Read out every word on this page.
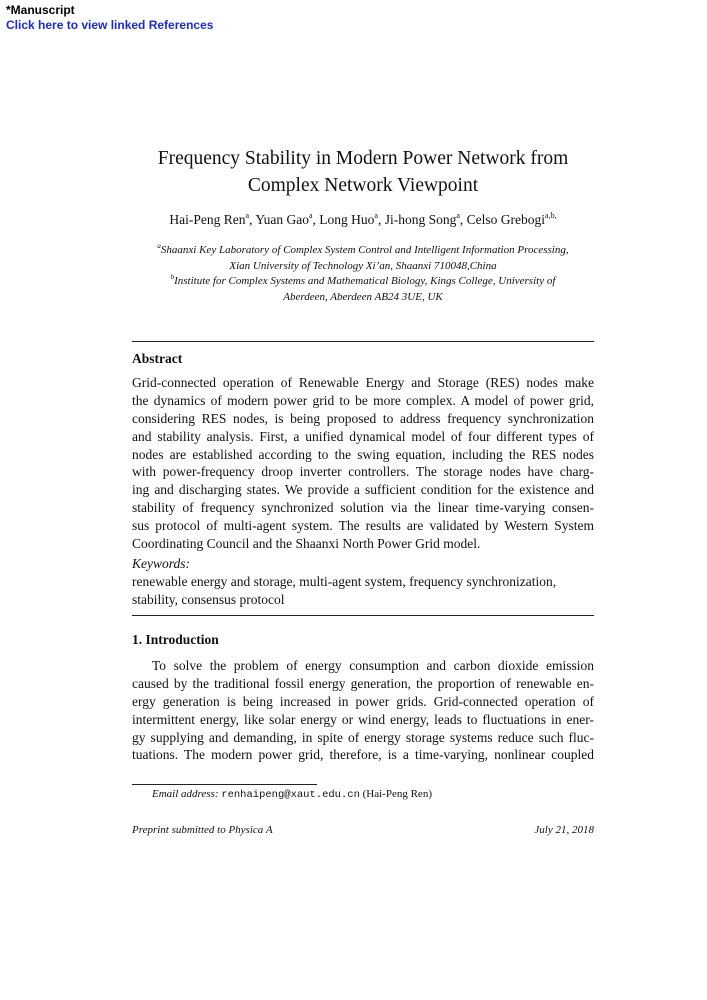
*Manuscript
Click here to view linked References
Frequency Stability in Modern Power Network from
Complex Network Viewpoint
Hai-Peng Ren$^a$, Yuan Gao$^a$, Long Huo$^a$, Ji-hong Song$^a$, Celso Grebogi$^{a,b,}$
$^a$Shaanxi Key Laboratory of Complex System Control and Intelligent Information Processing,
Xian University of Technology Xi’an, Shaanxi 710048,China
$^b$Institute for Complex Systems and Mathematical Biology, Kings College, University of
Aberdeen, Aberdeen AB24 3UE, UK
Abstract
Grid-connected operation of Renewable Energy and Storage (RES) nodes make
the dynamics of modern power grid to be more complex. A model of power grid,
considering RES nodes, is being proposed to address frequency synchronization
and stability analysis. First, a unified dynamical model of four different types of
nodes are established according to the swing equation, including the RES nodes
with power-frequency droop inverter controllers. The storage nodes have charg-
ing and discharging states. We provide a sufficient condition for the existence and
stability of frequency synchronized solution via the linear time-varying consen-
sus protocol of multi-agent system. The results are validated by Western System
Coordinating Council and the Shaanxi North Power Grid model.
Keywords:
renewable energy and storage, multi-agent system, frequency synchronization,
stability, consensus protocol
1. Introduction
To solve the problem of energy consumption and carbon dioxide emission
caused by the traditional fossil energy generation, the proportion of renewable en-
ergy generation is being increased in power grids. Grid-connected operation of
intermittent energy, like solar energy or wind energy, leads to fluctuations in ener-
gy supplying and demanding, in spite of energy storage systems reduce such fluc-
tuations. The modern power grid, therefore, is a time-varying, nonlinear coupled
Email address: renhaipeng@xaut.edu.cn (Hai-Peng Ren)
Preprint submitted to Physica A	July 21, 2018
